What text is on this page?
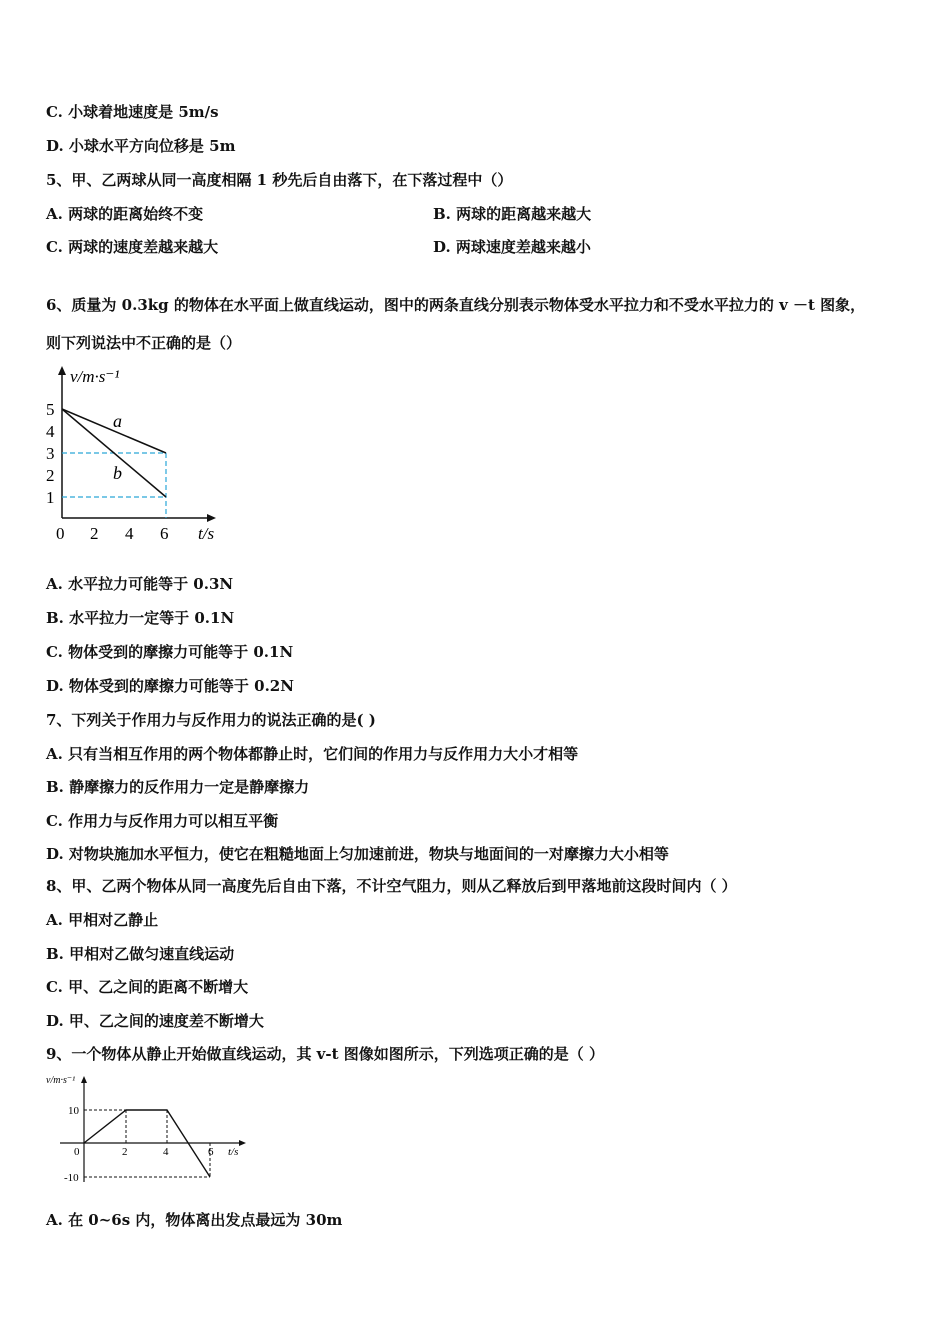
C. 小球着地速度是 5m/s
D. 小球水平方向位移是 5m
5、甲、乙两球从同一高度相隔 1 秒先后自由落下，在下落过程中（）
A. 两球的距离始终不变	B. 两球的距离越来越大
C. 两球的速度差越来越大	D. 两球速度差越来越小
6、质量为 0.3kg 的物体在水平面上做直线运动，图中的两条直线分别表示物体受水平拉力和不受水平拉力的 v －t 图象，
则下列说法中不正确的是（）
v/m·s⁻¹
t/s
5
4
3
2
1
0 2 4 6
a
b
A. 水平拉力可能等于 0.3N
B. 水平拉力一定等于 0.1N
C. 物体受到的摩擦力可能等于 0.1N
D. 物体受到的摩擦力可能等于 0.2N
7、下列关于作用力与反作用力的说法正确的是( )
A. 只有当相互作用的两个物体都静止时，它们间的作用力与反作用力大小才相等
B. 静摩擦力的反作用力一定是静摩擦力
C. 作用力与反作用力可以相互平衡
D. 对物块施加水平恒力，使它在粗糙地面上匀加速前进，物块与地面间的一对摩擦力大小相等
8、甲、乙两个物体从同一高度先后自由下落，不计空气阻力，则从乙释放后到甲落地前这段时间内（ ）
A. 甲相对乙静止
B. 甲相对乙做匀速直线运动
C. 甲、乙之间的距离不断增大
D. 甲、乙之间的速度差不断增大
9、一个物体从静止开始做直线运动，其 v-t 图像如图所示，下列选项正确的是（ ）
v/m·s⁻¹
t/s
10
0
-10
2	4	6
A. 在 0~6s 内，物体离出发点最远为 30m
